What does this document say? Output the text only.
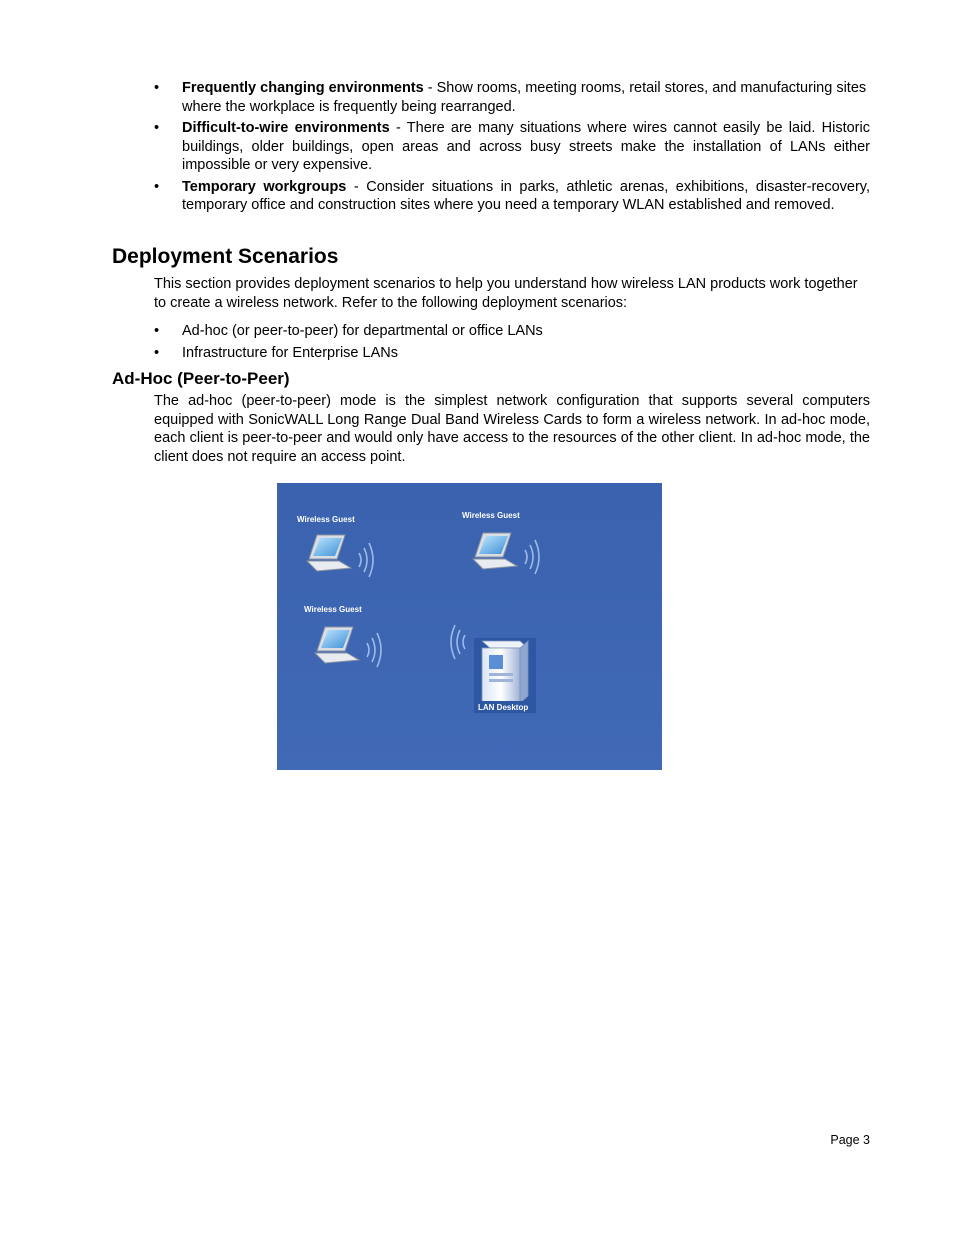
• Frequently changing environments - Show rooms, meeting rooms, retail stores, and manufacturing sites where the workplace is frequently being rearranged.
• Difficult-to-wire environments - There are many situations where wires cannot easily be laid. Historic buildings, older buildings, open areas and across busy streets make the installation of LANs either impossible or very expensive.
• Temporary workgroups - Consider situations in parks, athletic arenas, exhibitions, disaster-recovery, temporary office and construction sites where you need a temporary WLAN established and removed.
Deployment Scenarios

This section provides deployment scenarios to help you understand how wireless LAN products work together to create a wireless network. Refer to the following deployment scenarios:

• Ad-hoc (or peer-to-peer) for departmental or office LANs
• Infrastructure for Enterprise LANs
Ad-Hoc (Peer-to-Peer)

The ad-hoc (peer-to-peer) mode is the simplest network configuration that supports several computers equipped with SonicWALL Long Range Dual Band Wireless Cards to form a wireless network. In ad-hoc mode, each client is peer-to-peer and would only have access to the resources of the other client. In ad-hoc mode, the client does not require an access point.

Wireless Guest	Wireless Guest
Wireless Guest
LAN Desktop
Page 3
